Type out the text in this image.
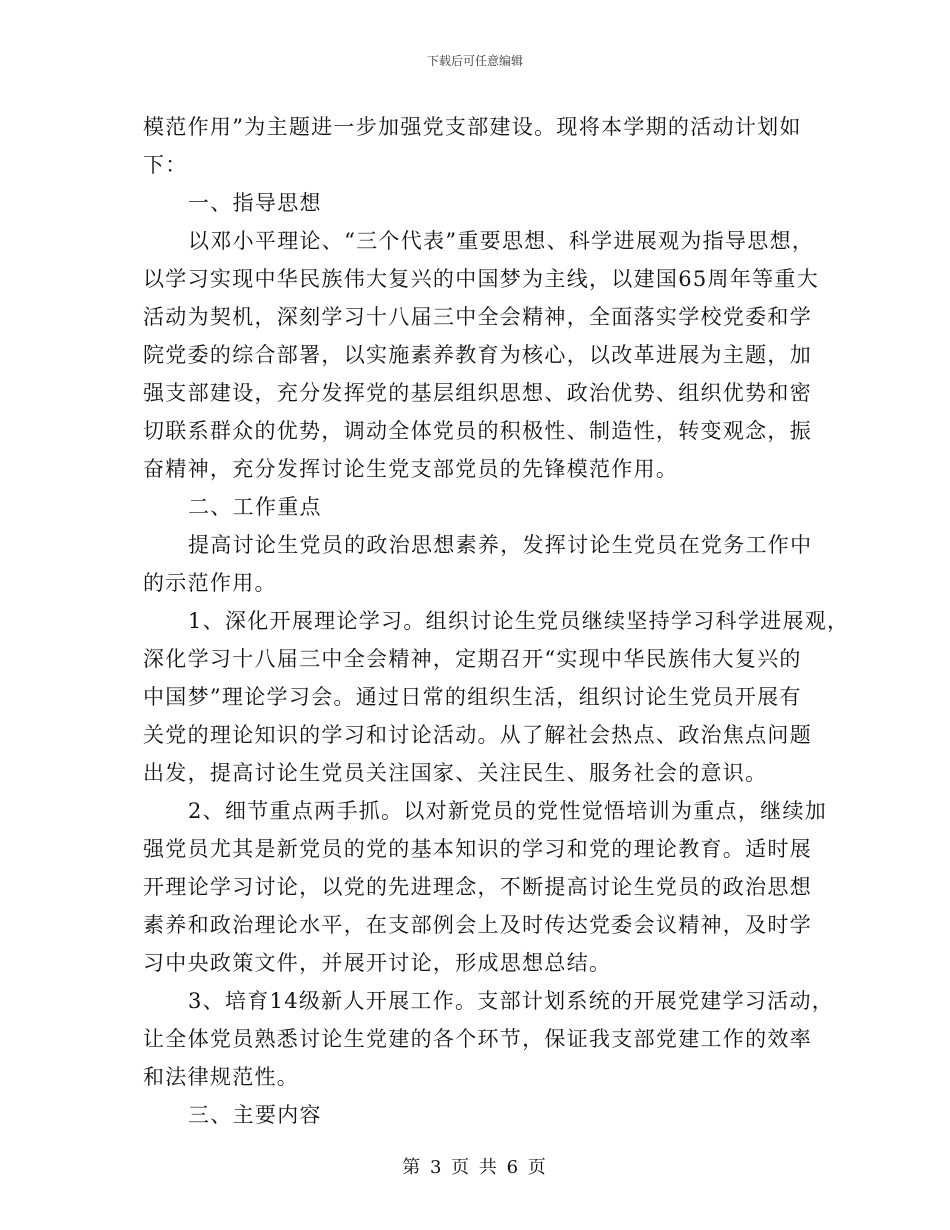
下载后可任意编辑
模范作用”为主题进一步加强党支部建设。现将本学期的活动计划如
下：
一、指导思想
以邓小平理论、“三个代表”重要思想、科学进展观为指导思想，
以学习实现中华民族伟大复兴的中国梦为主线，以建国65周年等重大
活动为契机，深刻学习十八届三中全会精神，全面落实学校党委和学
院党委的综合部署，以实施素养教育为核心，以改革进展为主题，加
强支部建设，充分发挥党的基层组织思想、政治优势、组织优势和密
切联系群众的优势，调动全体党员的积极性、制造性，转变观念，振
奋精神，充分发挥讨论生党支部党员的先锋模范作用。
二、工作重点
提高讨论生党员的政治思想素养，发挥讨论生党员在党务工作中
的示范作用。
1、深化开展理论学习。组织讨论生党员继续坚持学习科学进展观，
深化学习十八届三中全会精神，定期召开“实现中华民族伟大复兴的
中国梦”理论学习会。通过日常的组织生活，组织讨论生党员开展有
关党的理论知识的学习和讨论活动。从了解社会热点、政治焦点问题
出发，提高讨论生党员关注国家、关注民生、服务社会的意识。
2、细节重点两手抓。以对新党员的党性觉悟培训为重点，继续加
强党员尤其是新党员的党的基本知识的学习和党的理论教育。适时展
开理论学习讨论，以党的先进理念，不断提高讨论生党员的政治思想
素养和政治理论水平，在支部例会上及时传达党委会议精神，及时学
习中央政策文件，并展开讨论，形成思想总结。
3、培育14级新人开展工作。支部计划系统的开展党建学习活动，
让全体党员熟悉讨论生党建的各个环节，保证我支部党建工作的效率
和法律规范性。
三、主要内容
第 3 页 共 6 页
